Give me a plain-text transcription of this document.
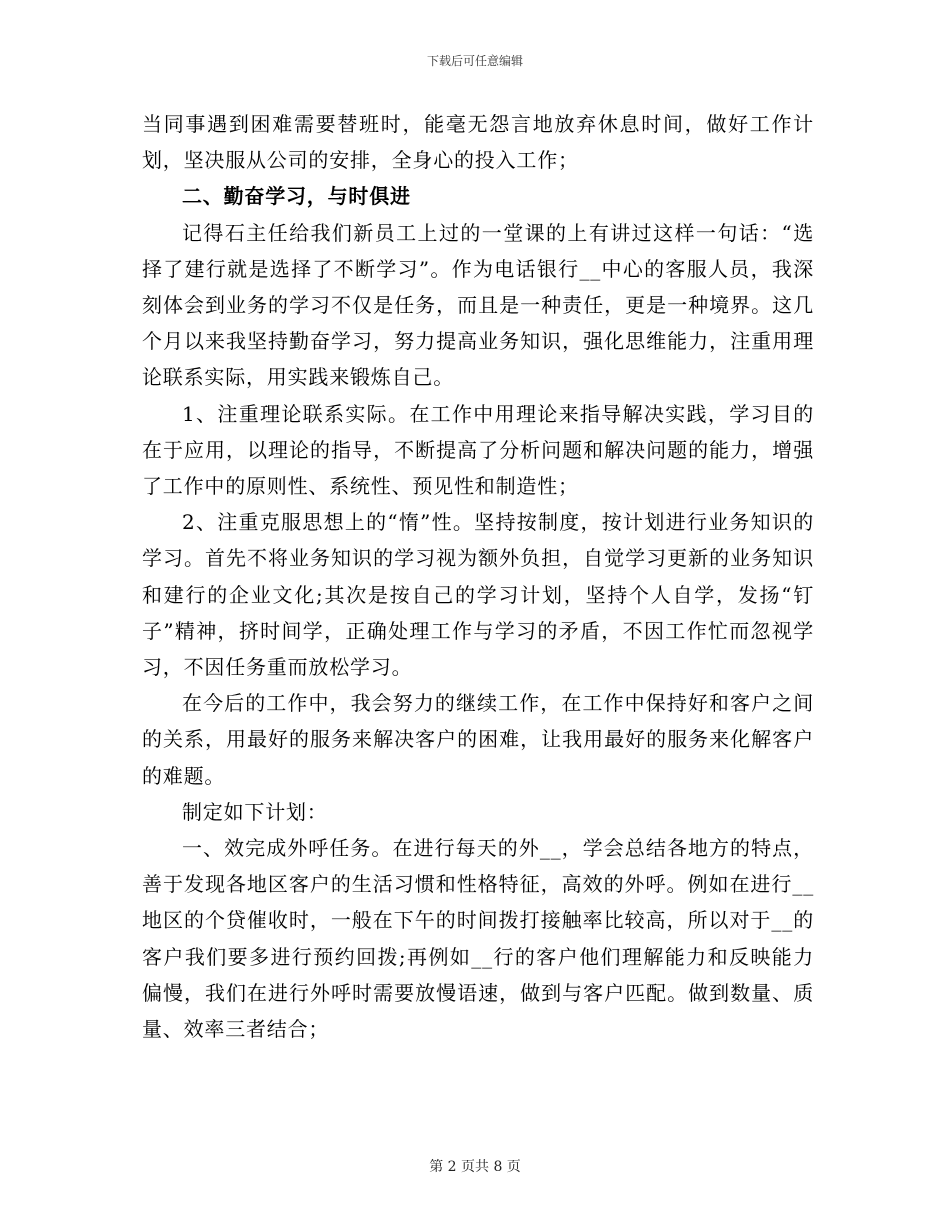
下载后可任意编辑

当同事遇到困难需要替班时，能毫无怨言地放弃休息时间，做好工作计划，坚决服从公司的安排，全身心的投入工作；

二、勤奋学习，与时俱进

记得石主任给我们新员工上过的一堂课的上有讲过这样一句话：“选择了建行就是选择了不断学习”。作为电话银行__中心的客服人员，我深刻体会到业务的学习不仅是任务，而且是一种责任，更是一种境界。这几个月以来我坚持勤奋学习，努力提高业务知识，强化思维能力，注重用理论联系实际，用实践来锻炼自己。

1、注重理论联系实际。在工作中用理论来指导解决实践，学习目的在于应用，以理论的指导，不断提高了分析问题和解决问题的能力，增强了工作中的原则性、系统性、预见性和制造性；

2、注重克服思想上的“惰”性。坚持按制度，按计划进行业务知识的学习。首先不将业务知识的学习视为额外负担，自觉学习更新的业务知识和建行的企业文化;其次是按自己的学习计划，坚持个人自学，发扬“钉子”精神，挤时间学，正确处理工作与学习的矛盾，不因工作忙而忽视学习，不因任务重而放松学习。

在今后的工作中，我会努力的继续工作，在工作中保持好和客户之间的关系，用最好的服务来解决客户的困难，让我用最好的服务来化解客户的难题。

制定如下计划：

一、效完成外呼任务。在进行每天的外__，学会总结各地方的特点，善于发现各地区客户的生活习惯和性格特征，高效的外呼。例如在进行__地区的个贷催收时，一般在下午的时间拨打接触率比较高，所以对于__的客户我们要多进行预约回拨;再例如__行的客户他们理解能力和反映能力偏慢，我们在进行外呼时需要放慢语速，做到与客户匹配。做到数量、质量、效率三者结合；

第 2 页共 8 页
